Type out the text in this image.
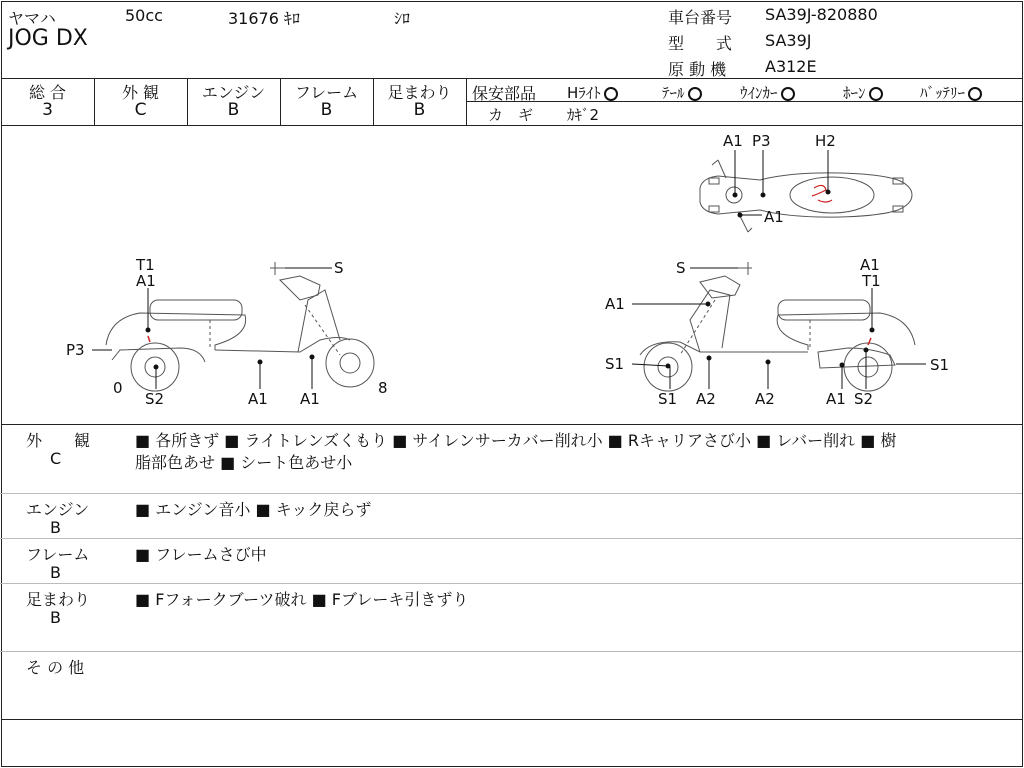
ヤマハ	50cc	31676 ｷﾛ	ｼﾛ
JOG DX
車台番号 SA39J-820880
型　　式 SA39J
原 動 機 A312E
総 合
3
外 観
C
エンジン
B
フレーム
B
足まわり
B
保安部品 Hﾗｲﾄ	ﾃｰﾙ	ｳｲﾝｶｰ	ﾎｰﾝ	ﾊﾞｯﾃﾘｰ
カ　ギ ｶｷﾞ2
A1 P3	H2
A1
T1
A1
S
P3
0
S2	A1 A1
8
S	A1
T1
A1
S1	S1
S1 A2	A2	A1 S2
外　　観
C
■ 各所きず ■ ライトレンズくもり ■ サイレンサーカバー削れ小 ■ Rキャリアさび小 ■ レバー削れ ■ 樹
脂部色あせ ■ シート色あせ小
エンジン
B
■ エンジン音小 ■ キック戻らず
フレーム
B
■ フレームさび中
足まわり
B
■ Fフォークブーツ破れ ■ Fブレーキ引きずり
そ の 他
